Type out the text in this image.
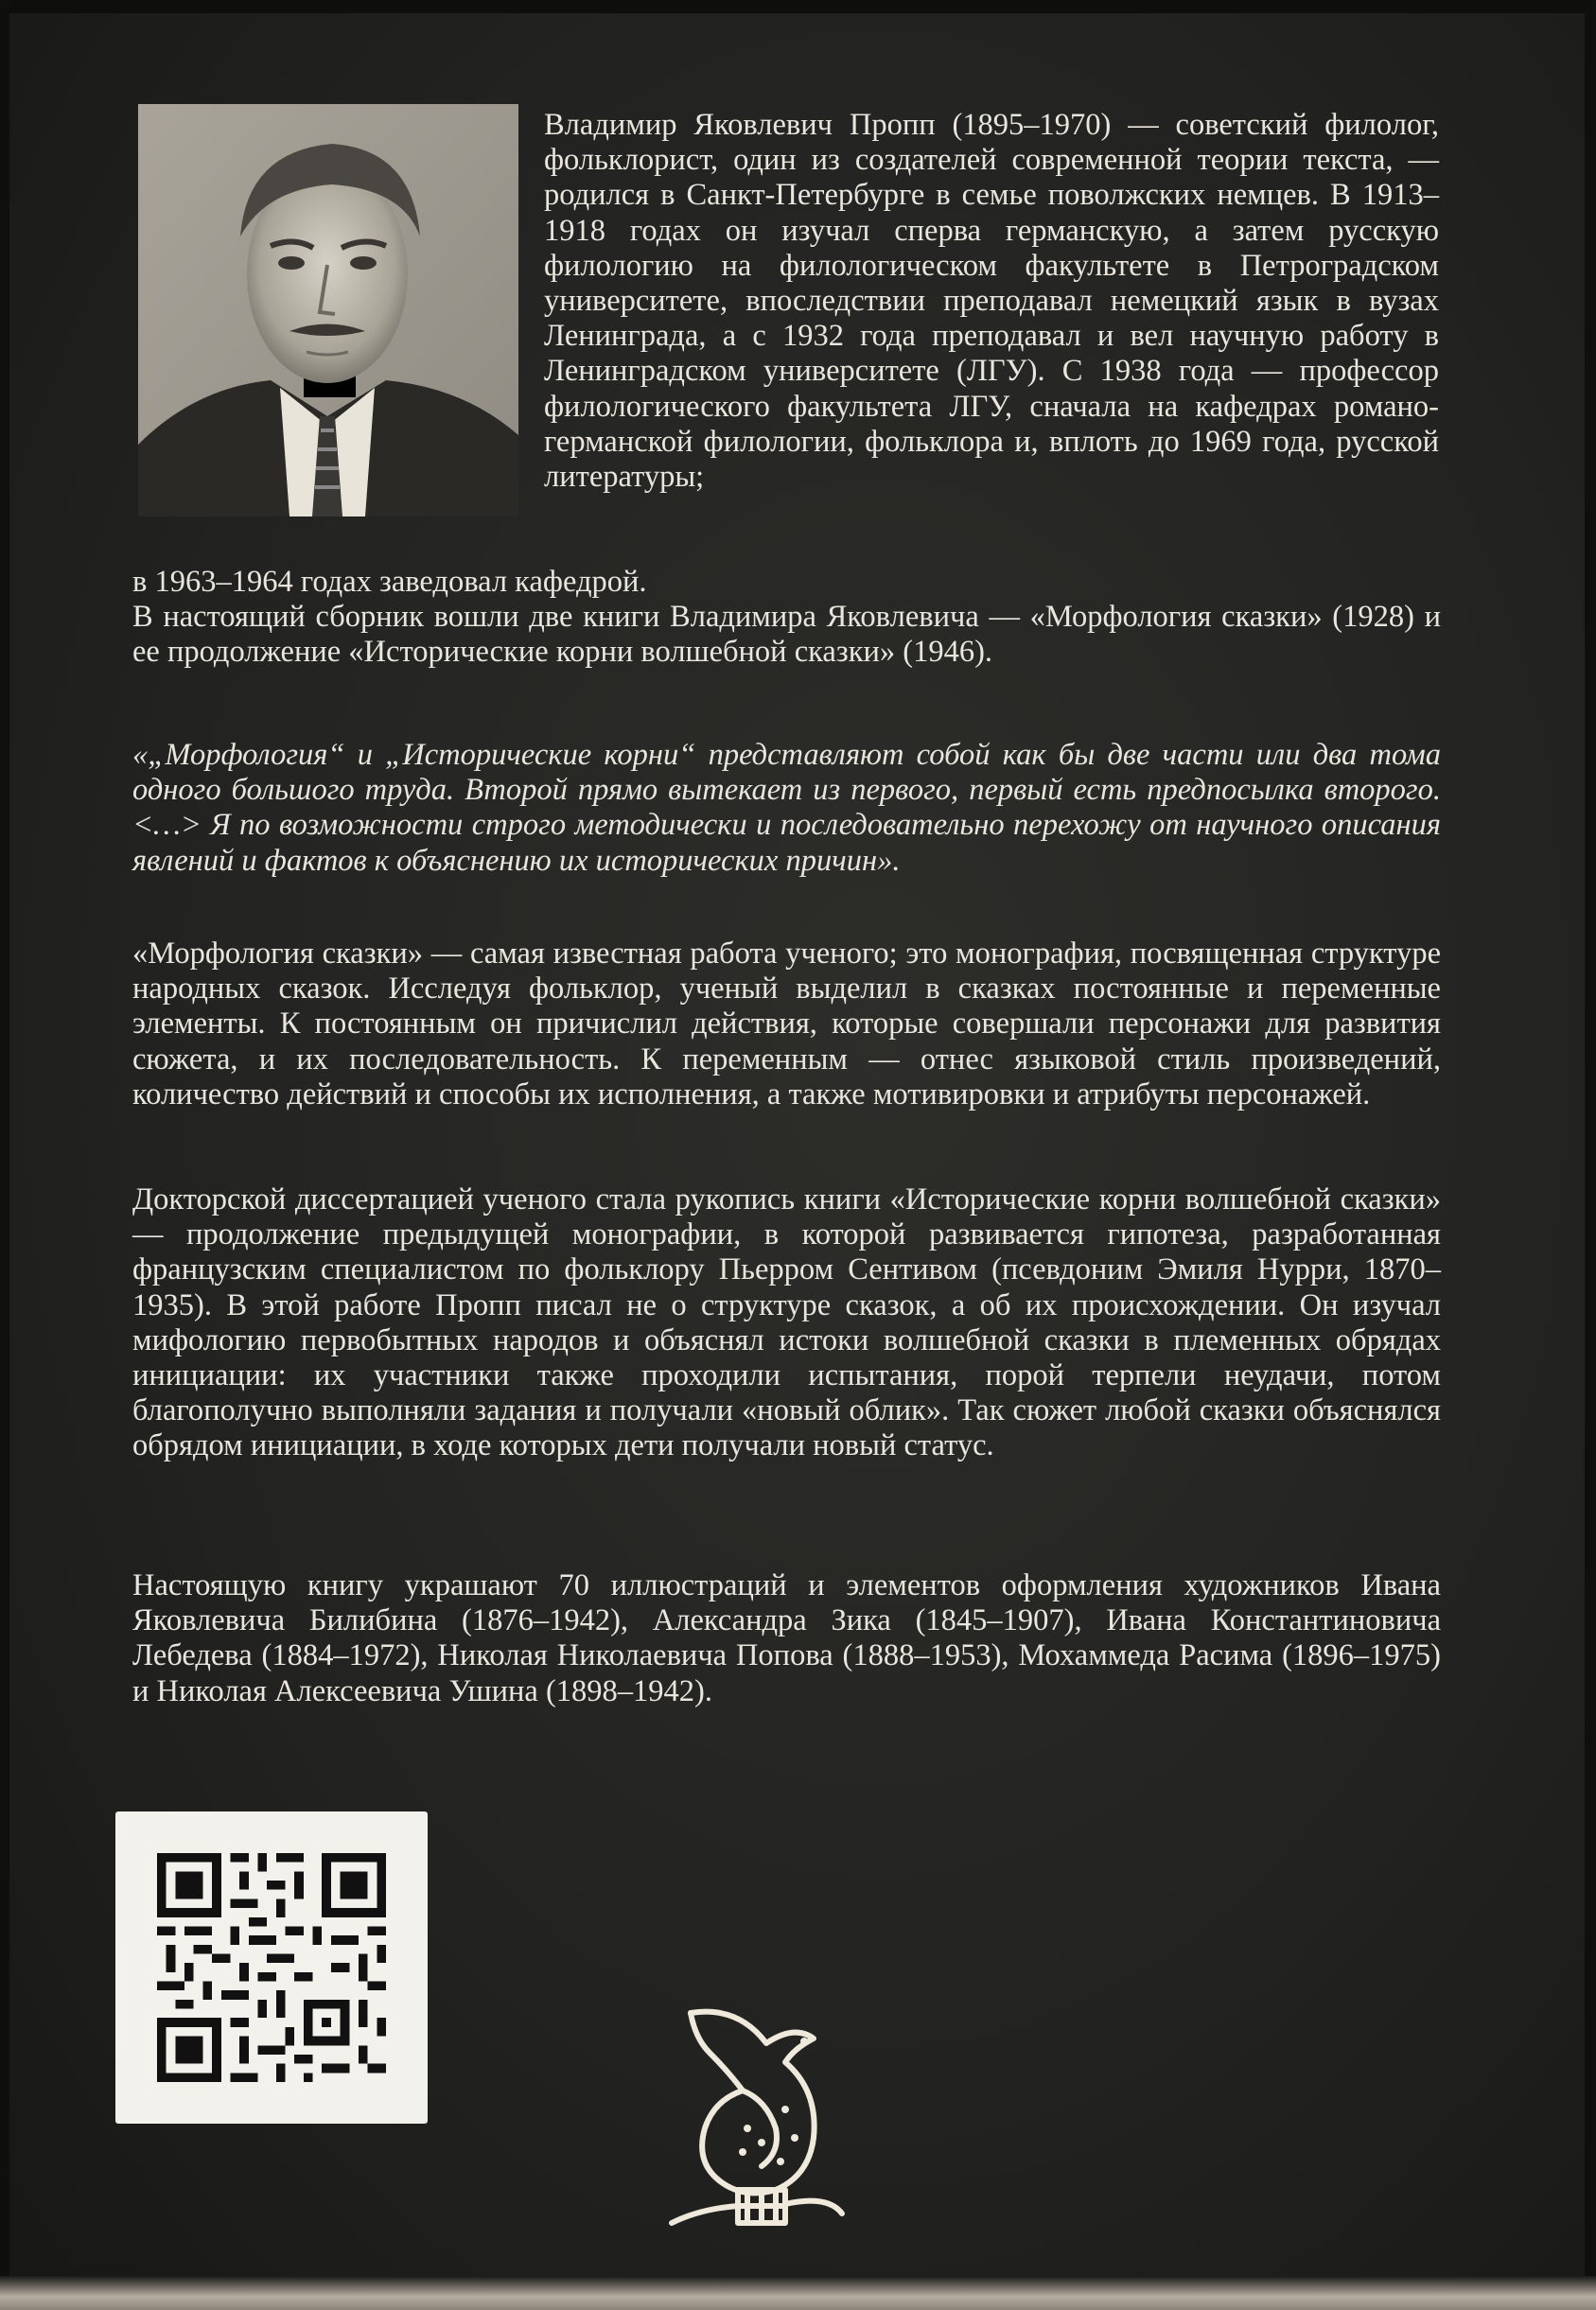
Владимир Яковлевич Пропп (1895–1970) — советский филолог, фольклорист, один из создателей современной теории текста, — родился в Санкт-Петербурге в семье поволжских немцев. В 1913–1918 годах он изучал сперва германскую, а затем русскую филологию на филологическом факультете в Петроградском университете, впоследствии преподавал немецкий язык в вузах Ленинграда, а с 1932 года преподавал и вел научную работу в Ленинградском университете (ЛГУ). С 1938 года — профессор филологического факультета ЛГУ, сначала на кафедрах романо-германской филологии, фольклора и, вплоть до 1969 года, русской литературы;

в 1963–1964 годах заведовал кафедрой.

В настоящий сборник вошли две книги Владимира Яковлевича — «Морфология сказки» (1928) и ее продолжение «Исторические корни волшебной сказки» (1946).

«„Морфология“ и „Исторические корни“ представляют собой как бы две части или два тома одного большого труда. Второй прямо вытекает из первого, первый есть предпосылка второго. <…> Я по возможности строго методически и последовательно перехожу от научного описания явлений и фактов к объяснению их исторических причин».

«Морфология сказки» — самая известная работа ученого; это монография, посвященная структуре народных сказок. Исследуя фольклор, ученый выделил в сказках постоянные и переменные элементы. К постоянным он причислил действия, которые совершали персонажи для развития сюжета, и их последовательность. К переменным — отнес языковой стиль произведений, количество действий и способы их исполнения, а также мотивировки и атрибуты персонажей.

Докторской диссертацией ученого стала рукопись книги «Исторические корни волшебной сказки» — продолжение предыдущей монографии, в которой развивается гипотеза, разработанная французским специалистом по фольклору Пьерром Сентивом (псевдоним Эмиля Нурри, 1870–1935). В этой работе Пропп писал не о структуре сказок, а об их происхождении. Он изучал мифологию первобытных народов и объяснял истоки волшебной сказки в племенных обрядах инициации: их участники также проходили испытания, порой терпели неудачи, потом благополучно выполняли задания и получали «новый облик». Так сюжет любой сказки объяснялся обрядом инициации, в ходе которых дети получали новый статус.

Настоящую книгу украшают 70 иллюстраций и элементов оформления художников Ивана Яковлевича Билибина (1876–1942), Александра Зика (1845–1907), Ивана Константиновича Лебедева (1884–1972), Николая Николаевича Попова (1888–1953), Мохаммеда Расима (1896–1975) и Николая Алексеевича Ушина (1898–1942).
